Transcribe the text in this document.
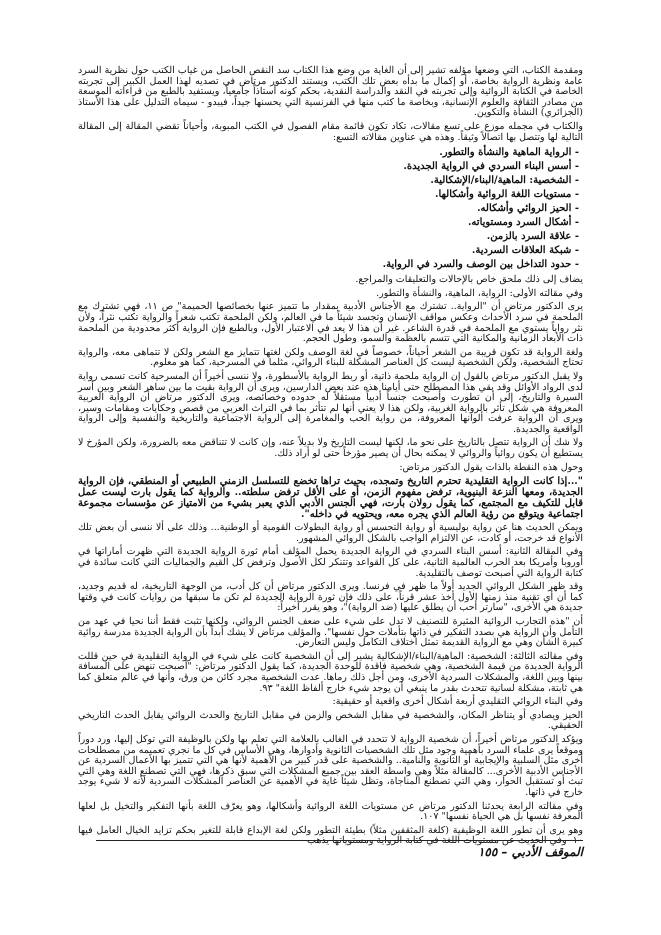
ومقدمة الكتاب، التي وضعها مؤلفه تشير إلى أن الغاية من وضع هذا الكتاب سد النقص الحاصل من غياب الكتب حول نظرية السرد عامة ونظرية الرواية بخاصة، أو إكمال ما بدأه بعض تلك الكتب، ويستند الدكتور مرتاض في تصديه لهذا العمل الكبير إلى تجربته الخاصة في الكتابة الروائية وإلى تجربته في النقد والدراسة النقدية، بحكم كونه أستاذاً جامعياً، ويستفيد بالطبع من قراءاته الموسعة من مصادر الثقافة والعلوم الإنسانية، وبخاصة ما كتب منها في الفرنسية التي يحسنها جيداً، فيبدو - سيماه التدليل على هذا الأستاذ (الجزائري) النشأة والتكوين.

والكتاب في مجمله موزع على تسع مقالات، تكاد تكون قائمة مقام الفصول في الكتب المبوبة، وأحياناً تقضي المقالة إلى المقالة التالية لها وتتصل بها اتصالاً وثيقاً. وهذه هي عناوين مقالاته التسع:

- الرواية الماهية والنشأة والتطور.
- أسس البناء السردي في الرواية الجديدة.
- الشخصية: الماهية/البناء/الإشكالية.
- مستويات اللغة الروائية وأشكالها.
- الحيز الروائي وأشكاله.
- أشكال السرد ومستوياته.
- علاقة السرد بالزمن.
- شبكة العلاقات السردية.
- حدود التداخل بين الوصف والسرد في الرواية.

يضاف إلى ذلك ملحق خاص بالإحالات والتعليقات والمراجع.

وفي مقالته الأولى: الرواية، الماهية، والنشأة والتطور.

يرى الدكتور مرتاض أن "الرواية.. تشترك مع الأجناس الأدبية بمقدار ما تتميز عنها بخصائصها الحميمة" ص ١١، فهي تشترك مع الملحمة في سرد الأحداث وعكس مواقف الإنسان وتجسد شيئاً ما في العالم، ولكن الملحمة تكتب شعراً والرواية تكتب نثراً، ولأن نثر رواياً يستوي مع الملحمة في قدرة الشاعر. غير أن هذا لا يعد في الاعتبار الأول، وبالطبع فإن الرواية أكثر محدودية من الملحمة ذات الأبعاد الزمانية والمكانية التي تتسم بالعظمة والسمو، وطول الحجم.

ولغة الرواية قد تكون قريبة من الشعر أحياناً، خصوصاً في لغة الوصف ولكن لغتها تتمايز مع الشعر ولكن لا تتماهى معه، والرواية تحتاج الشخصية، ولكن الشخصية ليست كل العناصر المشكلة للبناء الروائي، مثلما في المسرحية، كما هو معلوم.

ولا يقبل الدكتور مرتاض بالقول إن الرواية ملحمة ذاتية، أو ربط الرواية بالأسطورة، ولا ننسى أخيراً أن المسرحية كانت تسمى رواية لدى الرواد الأوائل وقد بقي هذا المصطلح حتى أيامنا هذه عند بعض الدارسين، ويرى أن الرواية بقيت ما بين ساهر الشعر وبين أسر السيرة والتاريخ، إلى أن تطورت وأصبحت جنساً أدبياً مستقلاً له حدوده وخصائصه، ويرى الدكتور مرتاض أن الرواية العربية المعروفة هي شكل تأثر بالرواية الغربية، ولكن هذا لا يعني أنها لم تتأثر بما في التراث العربي من قصص وحكايات ومقامات وسير، ويرى أن الرواية عرفت ألوانها المعروفة، من رواية الحب والمغامرة إلى الرواية الاجتماعية والتاريخية والنفسية وإلى الرواية الواقعية والجديدة.

ولا شك أن الرواية تتصل بالتاريخ على نحو ما، لكنها ليست التاريخ ولا بديلاً عنه، وإن كانت لا تتناقض معه بالضرورة، ولكن المؤرخ لا يستطيع أن يكون روائياً والروائي لا يمكنه بحال أن يصير مؤرخاً حتى لو أراد ذلك.

وحول هذه النقطة بالذات يقول الدكتور مرتاض:

"...إذا كانت الرواية التقليدية تحترم التاريخ وتمجده، بحيث تراها تخضع للتسلسل الزمني الطبيعي أو المنطقي، فإن الرواية الجديدة، ومعها النزعة البنيوية، ترفض مفهوم الزمن، أو على الأقل ترفض سلطته.. والرواية كما يقول بارت ليست عمل قابل للتكيف مع المجتمع، كما يقول رولان بارت، فهي الجنس الأدبي الذي يعبر بشيء من الامتياز عن مؤسسات مجموعة اجتماعية ويتوقع من رؤية العالم الذي يجره معه، ويحتويه في داخله".

ويمكن الحديث هنا عن رواية بوليسية أو رواية التجسس أو رواية البطولات القومية أو الوطنية... وذلك على ألا ننسى أن بعض تلك الأنواع قد خرجت، أو كادت، عن الالتزام الواجب بالشكل الروائي المشهور.

وفي المقالة الثانية: أسس البناء السردي في الرواية الجديدة يحمل المؤلف أمام ثورة الرواية الجديدة التي ظهرت أماراتها في أوروبا وأمريكا بعد الحرب العالمية الثانية، على كل القواعد وتتنكر لكل الأصول وترفض كل القيم والجماليات التي كانت سائدة في كتابة الرواية التي أصبحت توصف بالتقليدية.

وقد ظهر الشكل الروائي الجديد أولاً ما ظهر في فرنسا. ويرى الدكتور مرتاض أن كل أدب، من الوجهة التاريخية، له قديم وجديد، كما أن أي تقنية منذ زمنها الأول أخذ عشر قرناً، على ذلك فإن ثورة الرواية الجديدة لم تكن ما سبقها من روايات كانت في وقتها جديدة هي الأخرى، "سارتر أحب أن يطلق عليها (ضد الرواية)"، وهو يقرر أخيراً:

أن "هذه التجارب الروائية المثيرة للتصنيف لا تدل على شيء على ضعف الجنس الروائي، ولكنها تثبت فقط أننا نحيا في عهد من التأمل وأن الرواية هي بصدد التفكير في ذاتها بتأملات حول نفسها". والمؤلف مرتاض لا يشك أبداً بأن الرواية الجديدة مدرسة روائية كبيرة الشأن وهي مع الرواية القديمة تمثل اختلاف التكامل وليس التعارض.

وفي مقالته الثالثة: الشخصية: الماهية/البناء/الإشكالية يشير إلى أن الشخصية كانت على شيء في الرواية التقليدية في حين قللت الرواية الجديدة من قيمة الشخصية، وهي شخصية فاقدة للوحدة الجديدة، كما يقول الدكتور مرتاض: "أصبحت تنهض على المسافة بينها وبين اللغة، والمشكلات السردية الأخرى، ومن أجل ذلك رماها. عدت الشخصية مجرد كائن من ورق، وأنها في عالم متعلق كما هي ثابتة، مشكلة لسانية تتحدث بقدر ما ينبغي أن يوجد شيء خارج ألفاظ اللغة" ٩٣.

وفي البناء الروائي التقليدي أربعة أشكال أخرى واقعية أو حقيقية:

الحيز ويصادي أو يتناظر المكان، والشخصية في مقابل الشخص والزمن في مقابل التاريخ والحدث الروائي يقابل الحدث التاريخي الحقيقي.

ويؤكد الدكتور مرتاض أخيراً، أن شخصية الرواية لا تتحدد في الغالب بالعلامة التي تعلم بها ولكن بالوظيفة التي توكل إليها، ورد دوراً وموقعاً يرى علماء السرد بأهمية وجود مثل تلك الشخصيات الثانوية وأدوارها، وهي الأساس في كل ما نجري تعميمه من مصطلحات أخرى مثل السلبية والإيجابية أو الثانوية والنامية.. والشخصية على قدر كبير من الأهمية لأنها هي التي تتميز بها الأعمال السردية عن الأجناس الأدبية الأخرى... كالمقالة مثلاً وهي واسطة العقد بين جميع المشكلات التي سبق ذكرها، فهي التي تصطنع اللغة وهي التي تبث أو تستقبل الحوار، وهي التي تصطنع المناجاة، وتظل شيئاً غاية في الأهمية عن العناصر المشكلات السردية لأنه لا شيء يوجد خارج في ذاتها.

وفي مقالته الرابعة يحدثنا الدكتور مرتاض عن مستويات اللغة الروائية وأشكالها، وهو يعرّف اللغة بأنها التفكير والتخيل بل لعلها المعرفة نفسها بل هي الحياة نفسها" ١٠٧.

وهو يرى أن تطور اللغة الوظيفية (كلغة المثقفين مثلاً) بطيئة التطور ولكن لغة الإبداع قابلة للتغير بحكم تزايد الخيال العامل فيها ١٠- وفي الحديث عن مستويات اللغة في كتابة الرواية ومستوياتها يذهب

الموقف الأدبي – ١٥٥
